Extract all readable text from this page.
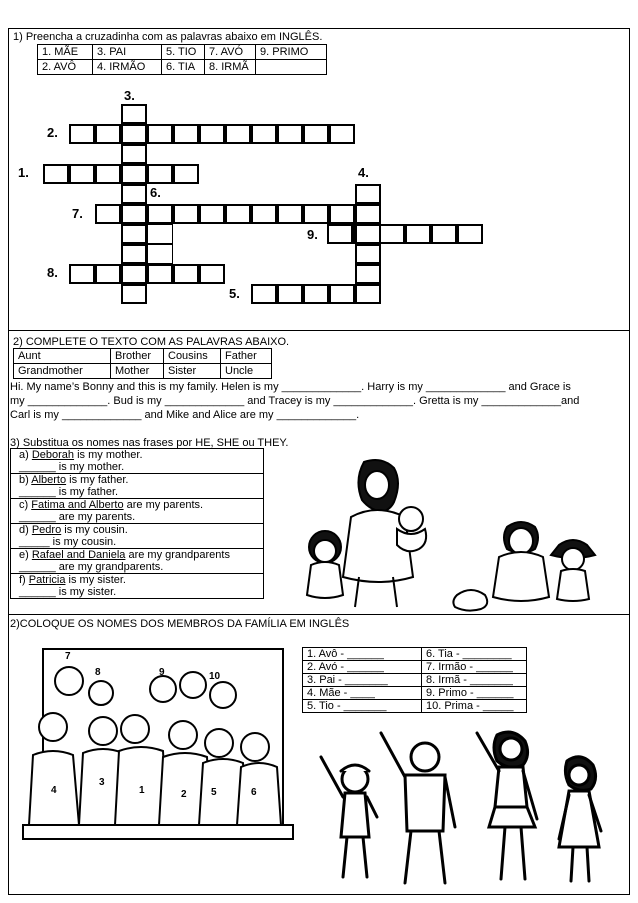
1) Preencha a cruzadinha com as palavras abaixo em INGLÊS.
1. MÃE	3. PAI	5. TIO	7. AVÓ	9. PRIMO
2. AVÔ	4. IRMÃO	6. TIA	8. IRMÃ	
3.
2.
1.	4.
6.
7.
9.
8.
5.
2) COMPLETE O TEXTO COM AS PALAVRAS ABAIXO.
Aunt	Brother	Cousins	Father
Grandmother	Mother	Sister	Uncle
Hi. My name’s Bonny and this is my family. Helen is my _____________. Harry is my _____________ and Grace is
my _____________. Bud is my _____________ and Tracey is my _____________. Gretta is my _____________and
Carl is my _____________ and Mike and Alice are my _____________.
3) Substitua os nomes nas frases por HE, SHE ou THEY.
a) Deborah is my mother.
______ is my mother.
b) Alberto is my father.
______ is my father.
c) Fatima and Alberto are my parents.
______ are my parents.
d) Pedro is my cousin.
_____ is my cousin.
e) Rafael and Daniela are my grandparents
______ are my grandparents.
f) Patricia is my sister.
______ is my sister.
2)COLOQUE OS NOMES DOS MEMBROS DA FAMÍLIA EM INGLÊS
7
8	9	10
4
3
1	2 5	6
1. Avô - ______	6. Tia - ________
2. Avó - ______	7. Irmão - ______
3. Pai - _______	8. Irmã - _______
4. Mãe - ____	9. Primo - ______
5. Tio - _______	10. Prima - _____
